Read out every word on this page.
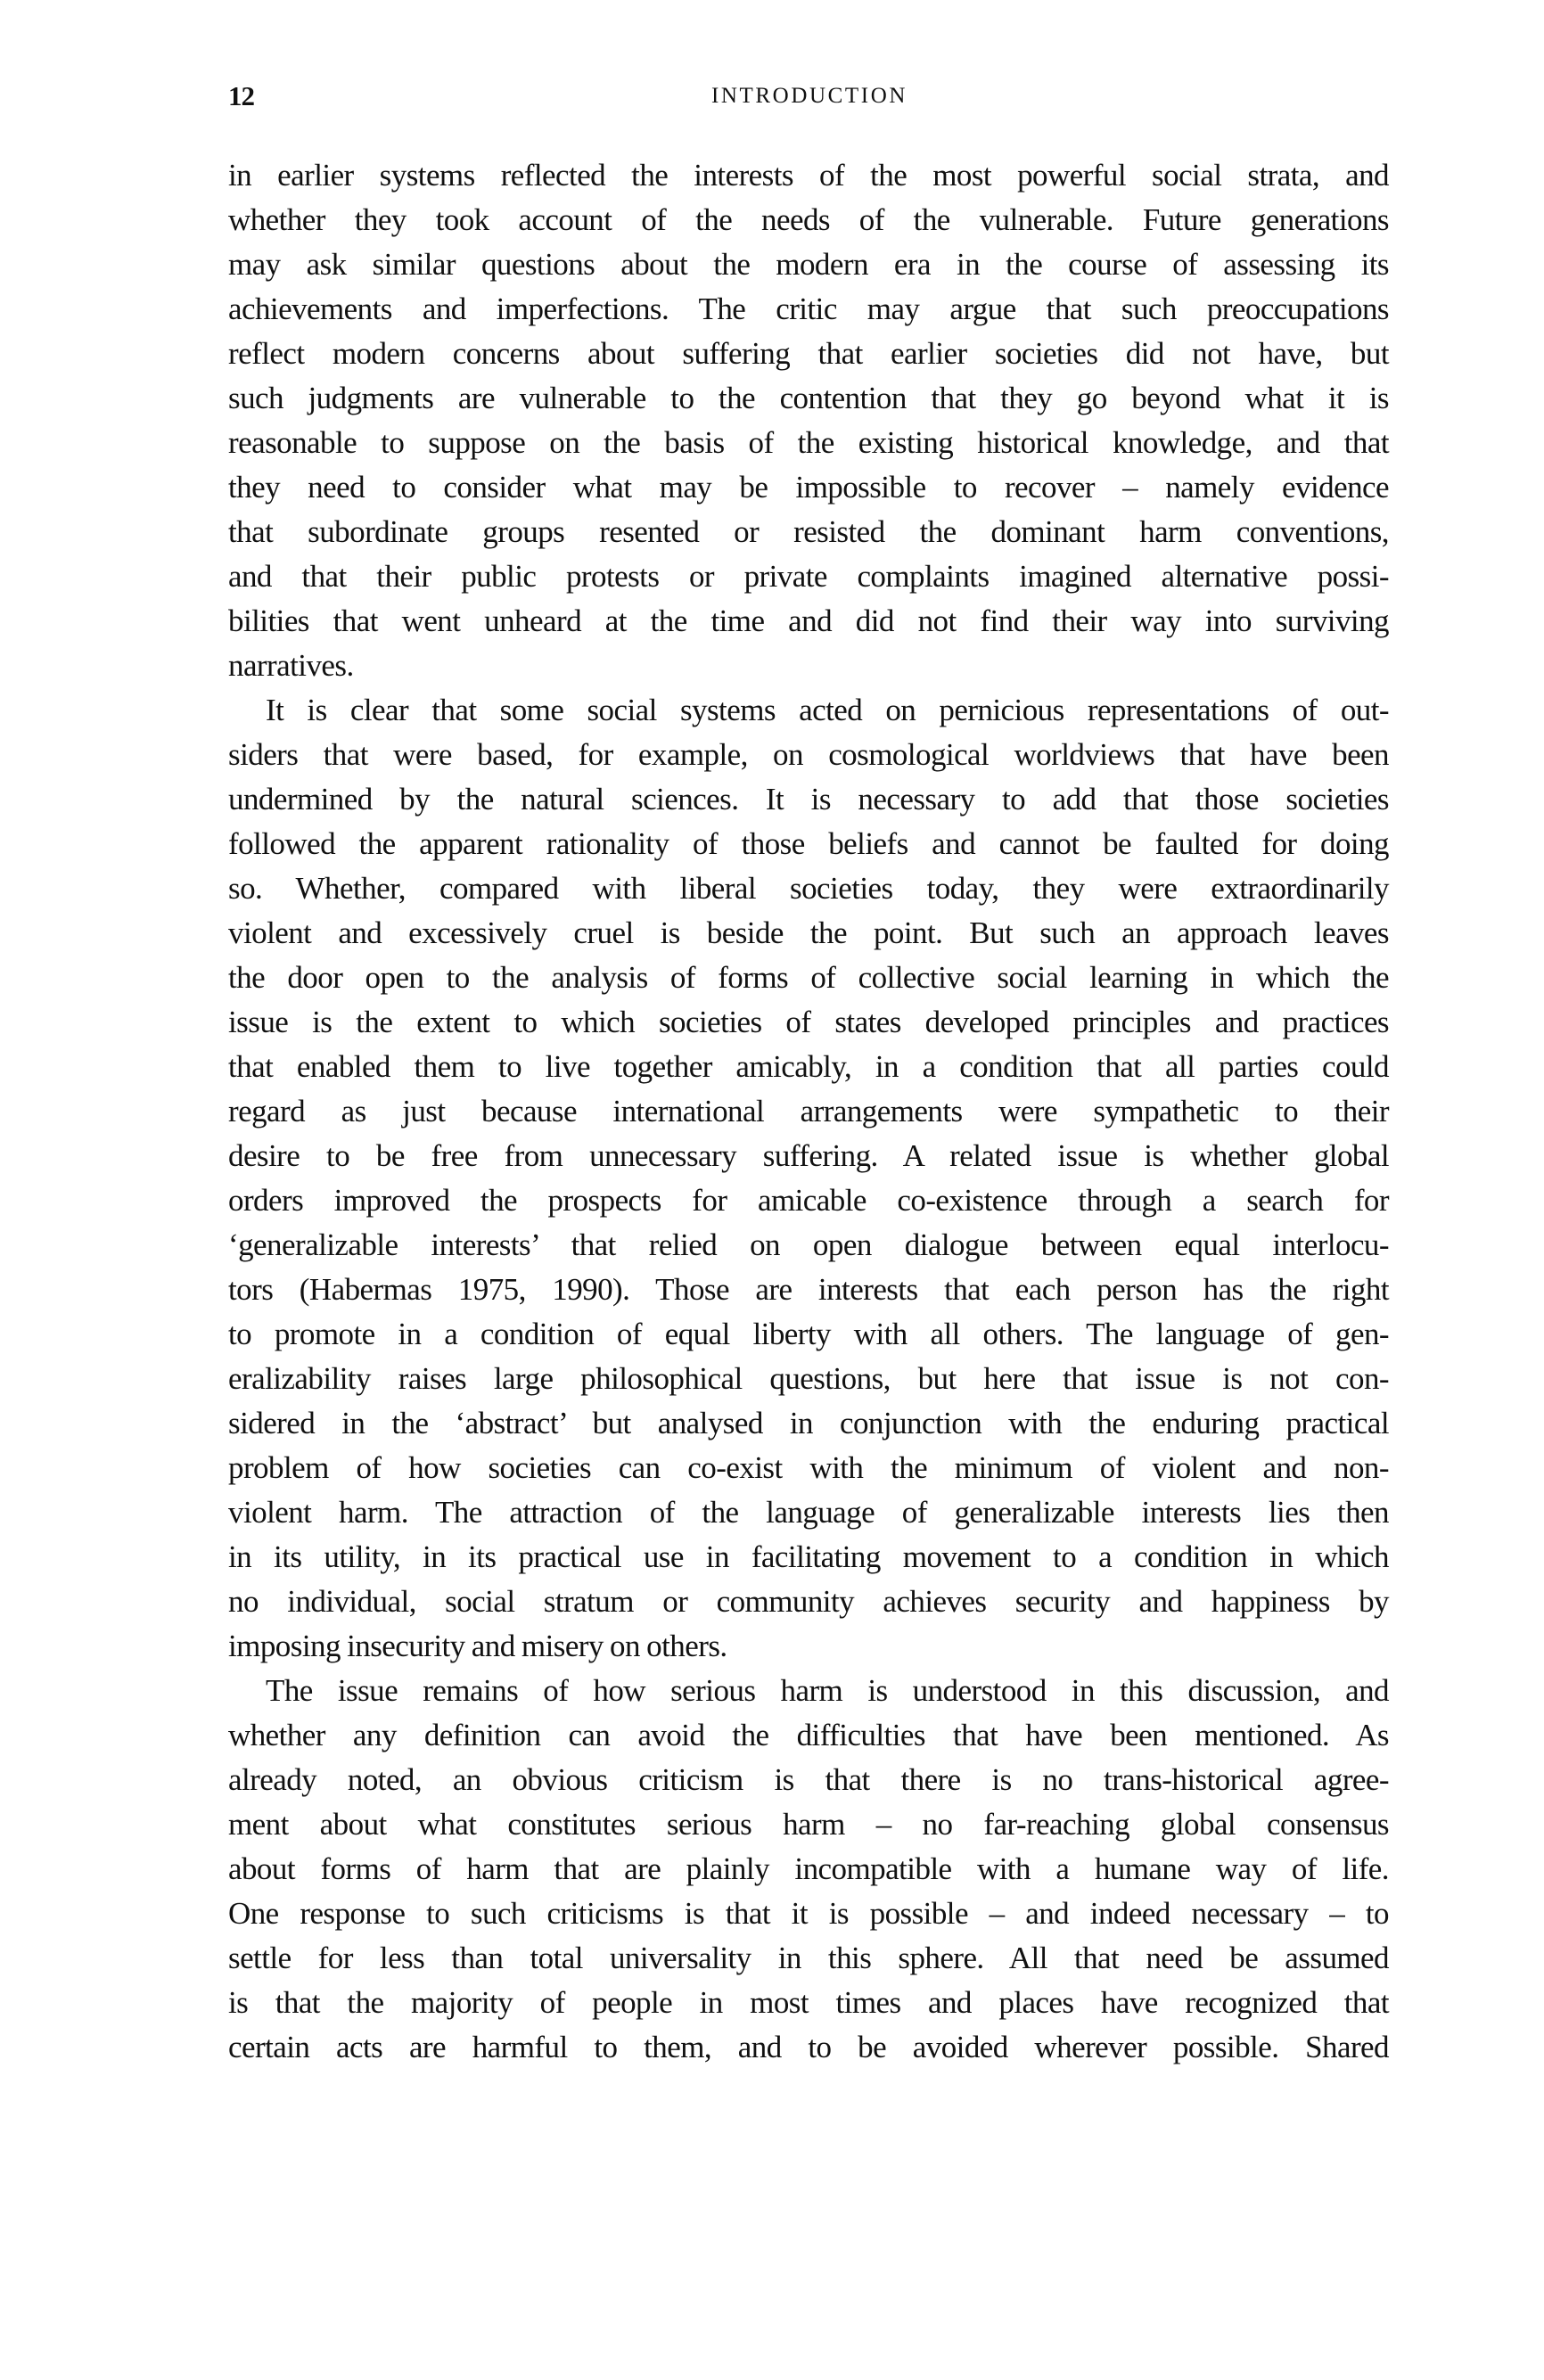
12	INTRODUCTION
in earlier systems reflected the interests of the most powerful social strata, and
whether they took account of the needs of the vulnerable. Future generations
may ask similar questions about the modern era in the course of assessing its
achievements and imperfections. The critic may argue that such preoccupations
reflect modern concerns about suffering that earlier societies did not have, but
such judgments are vulnerable to the contention that they go beyond what it is
reasonable to suppose on the basis of the existing historical knowledge, and that
they need to consider what may be impossible to recover – namely evidence
that subordinate groups resented or resisted the dominant harm conventions,
and that their public protests or private complaints imagined alternative possi-
bilities that went unheard at the time and did not find their way into surviving
narratives.
It is clear that some social systems acted on pernicious representations of out-
siders that were based, for example, on cosmological worldviews that have been
undermined by the natural sciences. It is necessary to add that those societies
followed the apparent rationality of those beliefs and cannot be faulted for doing
so. Whether, compared with liberal societies today, they were extraordinarily
violent and excessively cruel is beside the point. But such an approach leaves
the door open to the analysis of forms of collective social learning in which the
issue is the extent to which societies of states developed principles and practices
that enabled them to live together amicably, in a condition that all parties could
regard as just because international arrangements were sympathetic to their
desire to be free from unnecessary suffering. A related issue is whether global
orders improved the prospects for amicable co-existence through a search for
‘generalizable interests’ that relied on open dialogue between equal interlocu-
tors (Habermas 1975, 1990). Those are interests that each person has the right
to promote in a condition of equal liberty with all others. The language of gen-
eralizability raises large philosophical questions, but here that issue is not con-
sidered in the ‘abstract’ but analysed in conjunction with the enduring practical
problem of how societies can co-exist with the minimum of violent and non-
violent harm. The attraction of the language of generalizable interests lies then
in its utility, in its practical use in facilitating movement to a condition in which
no individual, social stratum or community achieves security and happiness by
imposing insecurity and misery on others.
The issue remains of how serious harm is understood in this discussion, and
whether any definition can avoid the difficulties that have been mentioned. As
already noted, an obvious criticism is that there is no trans-historical agree-
ment about what constitutes serious harm – no far-reaching global consensus
about forms of harm that are plainly incompatible with a humane way of life.
One response to such criticisms is that it is possible – and indeed necessary – to
settle for less than total universality in this sphere. All that need be assumed
is that the majority of people in most times and places have recognized that
certain acts are harmful to them, and to be avoided wherever possible. Shared
